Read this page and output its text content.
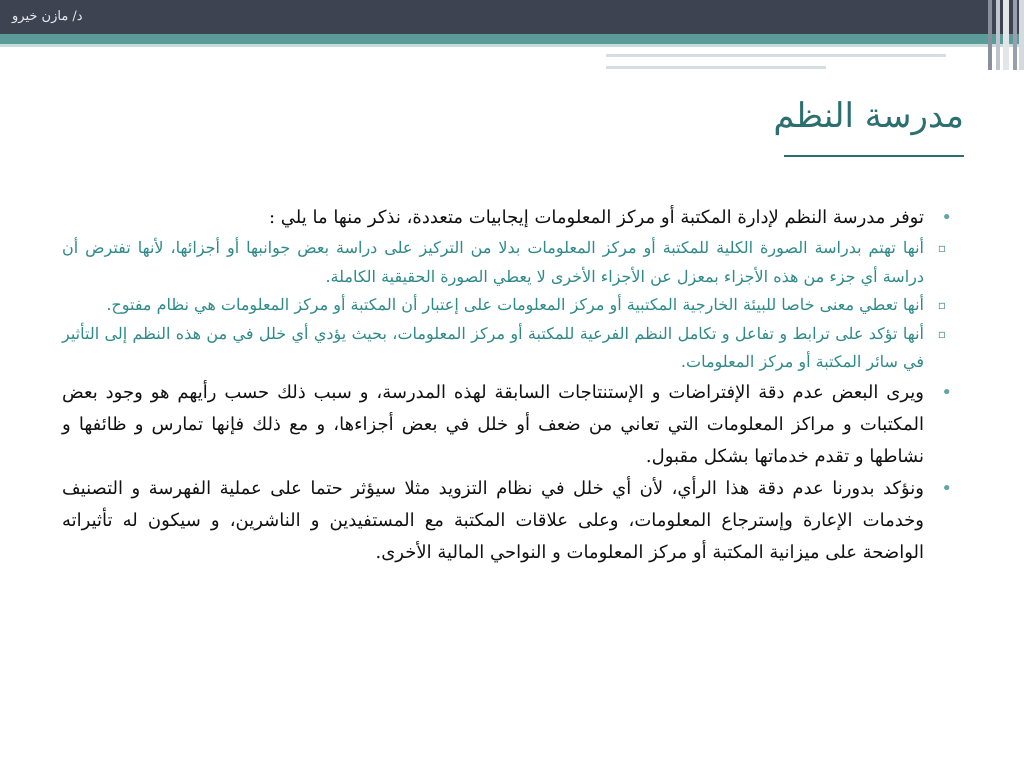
د/ مازن خيرو
مدرسة النظم
•
توفر مدرسة النظم لإدارة المكتبة أو مركز المعلومات إيجابيات متعددة، نذكر منها ما يلي :
▫
أنها تهتم بدراسة الصورة الكلية للمكتبة أو مركز المعلومات بدلا من التركيز على دراسة بعض جوانبها أو أجزائها، لأنها تفترض أن دراسة أي جزء من هذه الأجزاء بمعزل عن الأجزاء الأخرى لا يعطي الصورة الحقيقية الكاملة.
▫
أنها تعطي معنى خاصا للبيئة الخارجية المكتبية أو مركز المعلومات على إعتبار أن المكتبة أو مركز المعلومات هي نظام مفتوح.
▫
أنها تؤكد على ترابط و تفاعل و تكامل النظم الفرعية للمكتبة أو مركز المعلومات، بحيث يؤدي أي خلل في من هذه النظم إلى التأثير في سائر المكتبة أو مركز المعلومات.
•
ويرى البعض عدم دقة الإفتراضات و الإستنتاجات السابقة لهذه المدرسة، و سبب ذلك حسب رأيهم هو وجود بعض المكتبات و مراكز المعلومات التي تعاني من ضعف أو خلل في بعض أجزاءها، و مع ذلك فإنها تمارس و ظائفها و نشاطها و تقدم خدماتها بشكل مقبول.
•
ونؤكد بدورنا عدم دقة هذا الرأي، لأن أي خلل في نظام التزويد مثلا سيؤثر حتما على عملية الفهرسة و التصنيف وخدمات الإعارة وإسترجاع المعلومات، وعلى علاقات المكتبة مع المستفيدين و الناشرين، و سيكون له تأثيراته الواضحة على ميزانية المكتبة أو مركز المعلومات و النواحي المالية الأخرى.
